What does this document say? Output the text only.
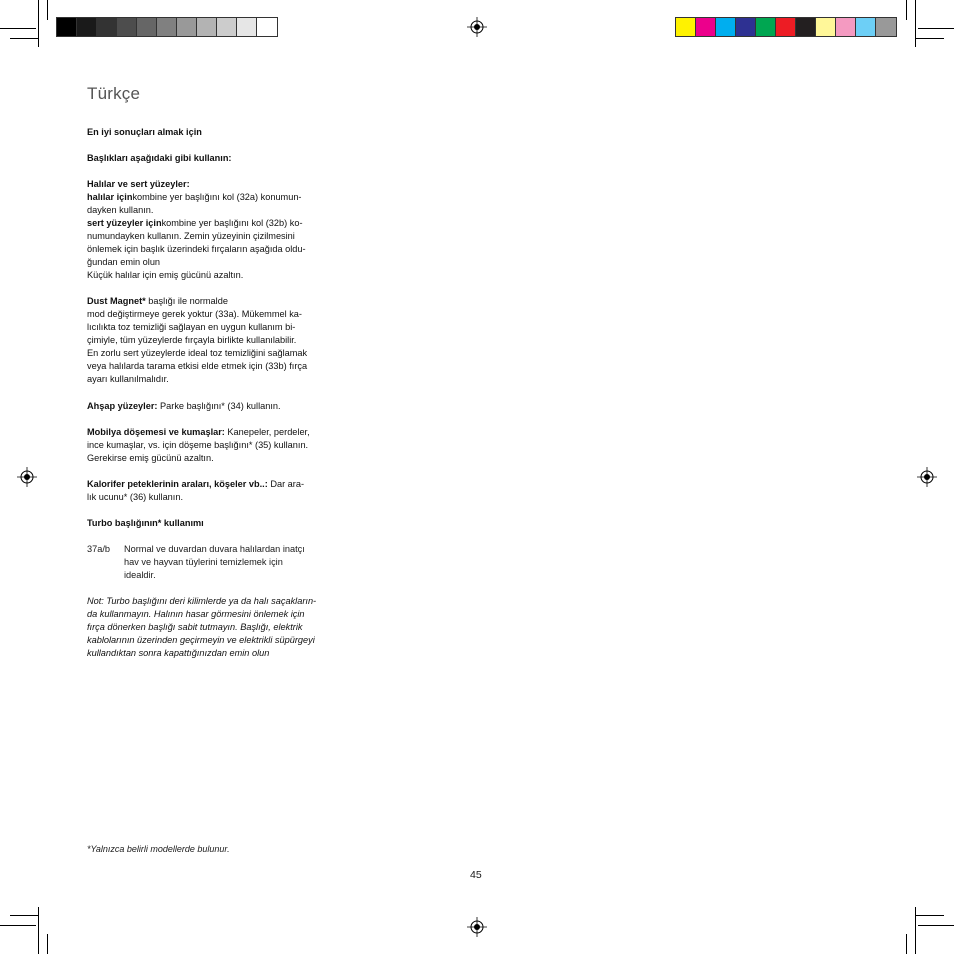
Türkçe
En iyi sonuçları almak için
Başlıkları aşağıdaki gibi kullanın:
Halılar ve sert yüzeyler:
halılar içinkombine yer başlığını kol (32a) konumun-
dayken kullanın.
sert yüzeyler içinkombine yer başlığını kol (32b) ko-
numundayken kullanın. Zemin yüzeyinin çizilmesini
önlemek için başlık üzerindeki fırçaların aşağıda oldu-
ğundan emin olun
Küçük halılar için emiş gücünü azaltın.
Dust Magnet* başlığı ile normalde
mod değiştirmeye gerek yoktur (33a). Mükemmel ka-
lıcılıkta toz temizliği sağlayan en uygun kullanım bi-
çimiyle, tüm yüzeylerde fırçayla birlikte kullanılabilir.
En zorlu sert yüzeylerde ideal toz temizliğini sağlamak
veya halılarda tarama etkisi elde etmek için (33b) fırça
ayarı kullanılmalıdır.
Ahşap yüzeyler: Parke başlığını* (34) kullanın.
Mobilya döşemesi ve kumaşlar: Kanepeler, perdeler,
ince kumaşlar, vs. için döşeme başlığını* (35) kullanın.
Gerekirse emiş gücünü azaltın.
Kalorifer peteklerinin araları, köşeler vb..: Dar ara-
lık ucunu* (36) kullanın.
Turbo başlığının* kullanımı
37a/b Normal ve duvardan duvara halılardan inatçı
hav ve hayvan tüylerini temizlemek için
idealdir.
Not: Turbo başlığını deri kilimlerde ya da halı saçakların-
da kullanmayın. Halının hasar görmesini önlemek için
fırça dönerken başlığı sabit tutmayın. Başlığı, elektrik
kablolarının üzerinden geçirmeyin ve elektrikli süpürgeyi
kullandıktan sonra kapattığınızdan emin olun
*Yalnızca belirli modellerde bulunur.
45
